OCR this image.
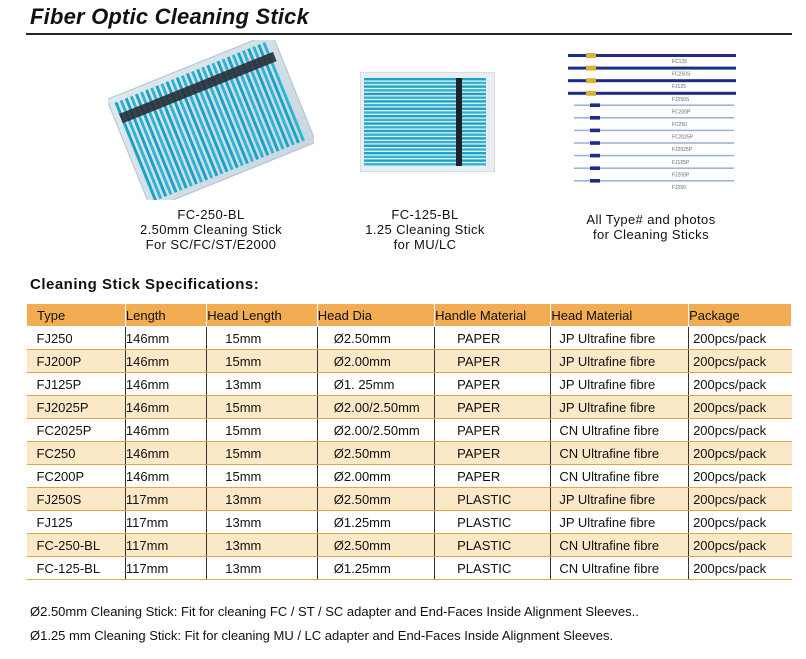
Fiber Optic Cleaning Stick
FC125
FC250S
FJ125
FJ250S
FC200P
FC250
FC2025P
FJ2025P
FJ125P
FJ200P
FJ250
FC-250-BL
2.50mm Cleaning Stick
For SC/FC/ST/E2000
FC-125-BL
1.25 Cleaning Stick
for MU/LC
All Type# and photos
for Cleaning Sticks
Cleaning Stick Specifications:
Type	Length	Head Length	Head Dia	Handle Material	Head Material	Package
FJ250	146mm	15mm	Ø2.50mm	PAPER	JP Ultrafine fibre	200pcs/pack
FJ200P	146mm	15mm	Ø2.00mm	PAPER	JP Ultrafine fibre	200pcs/pack
FJ125P	146mm	13mm	Ø1. 25mm	PAPER	JP Ultrafine fibre	200pcs/pack
FJ2025P	146mm	15mm	Ø2.00/2.50mm	PAPER	JP Ultrafine fibre	200pcs/pack
FC2025P	146mm	15mm	Ø2.00/2.50mm	PAPER	CN Ultrafine fibre	200pcs/pack
FC250	146mm	15mm	Ø2.50mm	PAPER	CN Ultrafine fibre	200pcs/pack
FC200P	146mm	15mm	Ø2.00mm	PAPER	CN Ultrafine fibre	200pcs/pack
FJ250S	117mm	13mm	Ø2.50mm	PLASTIC	JP Ultrafine fibre	200pcs/pack
FJ125	117mm	13mm	Ø1.25mm	PLASTIC	JP Ultrafine fibre	200pcs/pack
FC-250-BL	117mm	13mm	Ø2.50mm	PLASTIC	CN Ultrafine fibre	200pcs/pack
FC-125-BL	117mm	13mm	Ø1.25mm	PLASTIC	CN Ultrafine fibre	200pcs/pack
Ø2.50mm Cleaning Stick: Fit for cleaning FC / ST / SC adapter and End-Faces Inside Alignment Sleeves..
Ø1.25 mm Cleaning Stick: Fit for cleaning MU / LC adapter and End-Faces Inside Alignment Sleeves.
